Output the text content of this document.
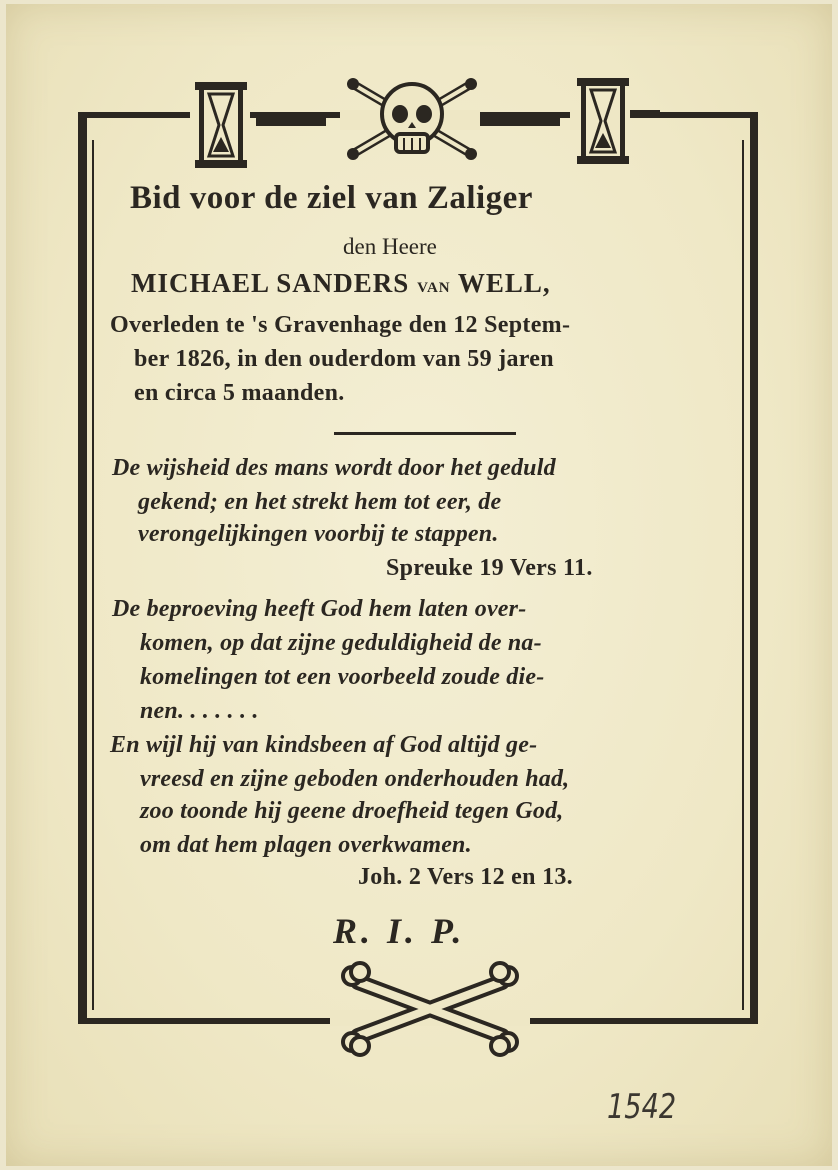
Bid voor de ziel van Zaliger
den Heere
MICHAEL SANDERS VAN WELL,
Overleden te 's Gravenhage den 12 Septem-
ber 1826, in den ouderdom van 59 jaren
en circa 5 maanden.
De wijsheid des mans wordt door het geduld
gekend; en het strekt hem tot eer, de
verongelijkingen voorbij te stappen.
Spreuke 19 Vers 11.
De beproeving heeft God hem laten over-
komen, op dat zijne geduldigheid de na-
komelingen tot een voorbeeld zoude die-
nen. . . . . . .
En wijl hij van kindsbeen af God altijd ge-
vreesd en zijne geboden onderhouden had,
zoo toonde hij geene droefheid tegen God,
om dat hem plagen overkwamen.
Joh. 2 Vers 12 en 13.
R. I. P.
1542
